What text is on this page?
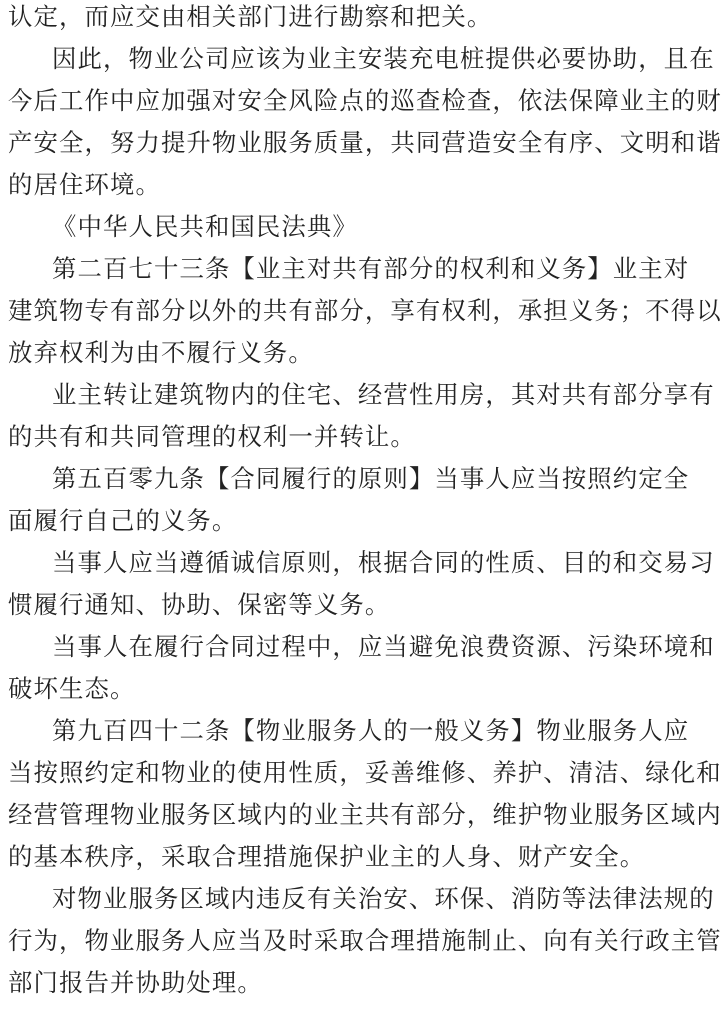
认定，而应交由相关部门进行勘察和把关。
因此，物业公司应该为业主安装充电桩提供必要协助，且在
今后工作中应加强对安全风险点的巡查检查，依法保障业主的财
产安全，努力提升物业服务质量，共同营造安全有序、文明和谐
的居住环境。
《中华人民共和国民法典》
第二百七十三条【业主对共有部分的权利和义务】业主对
建筑物专有部分以外的共有部分，享有权利，承担义务；不得以
放弃权利为由不履行义务。
业主转让建筑物内的住宅、经营性用房，其对共有部分享有
的共有和共同管理的权利一并转让。
第五百零九条【合同履行的原则】当事人应当按照约定全
面履行自己的义务。
当事人应当遵循诚信原则，根据合同的性质、目的和交易习
惯履行通知、协助、保密等义务。
当事人在履行合同过程中，应当避免浪费资源、污染环境和
破坏生态。
第九百四十二条【物业服务人的一般义务】物业服务人应
当按照约定和物业的使用性质，妥善维修、养护、清洁、绿化和
经营管理物业服务区域内的业主共有部分，维护物业服务区域内
的基本秩序，采取合理措施保护业主的人身、财产安全。
对物业服务区域内违反有关治安、环保、消防等法律法规的
行为，物业服务人应当及时采取合理措施制止、向有关行政主管
部门报告并协助处理。
